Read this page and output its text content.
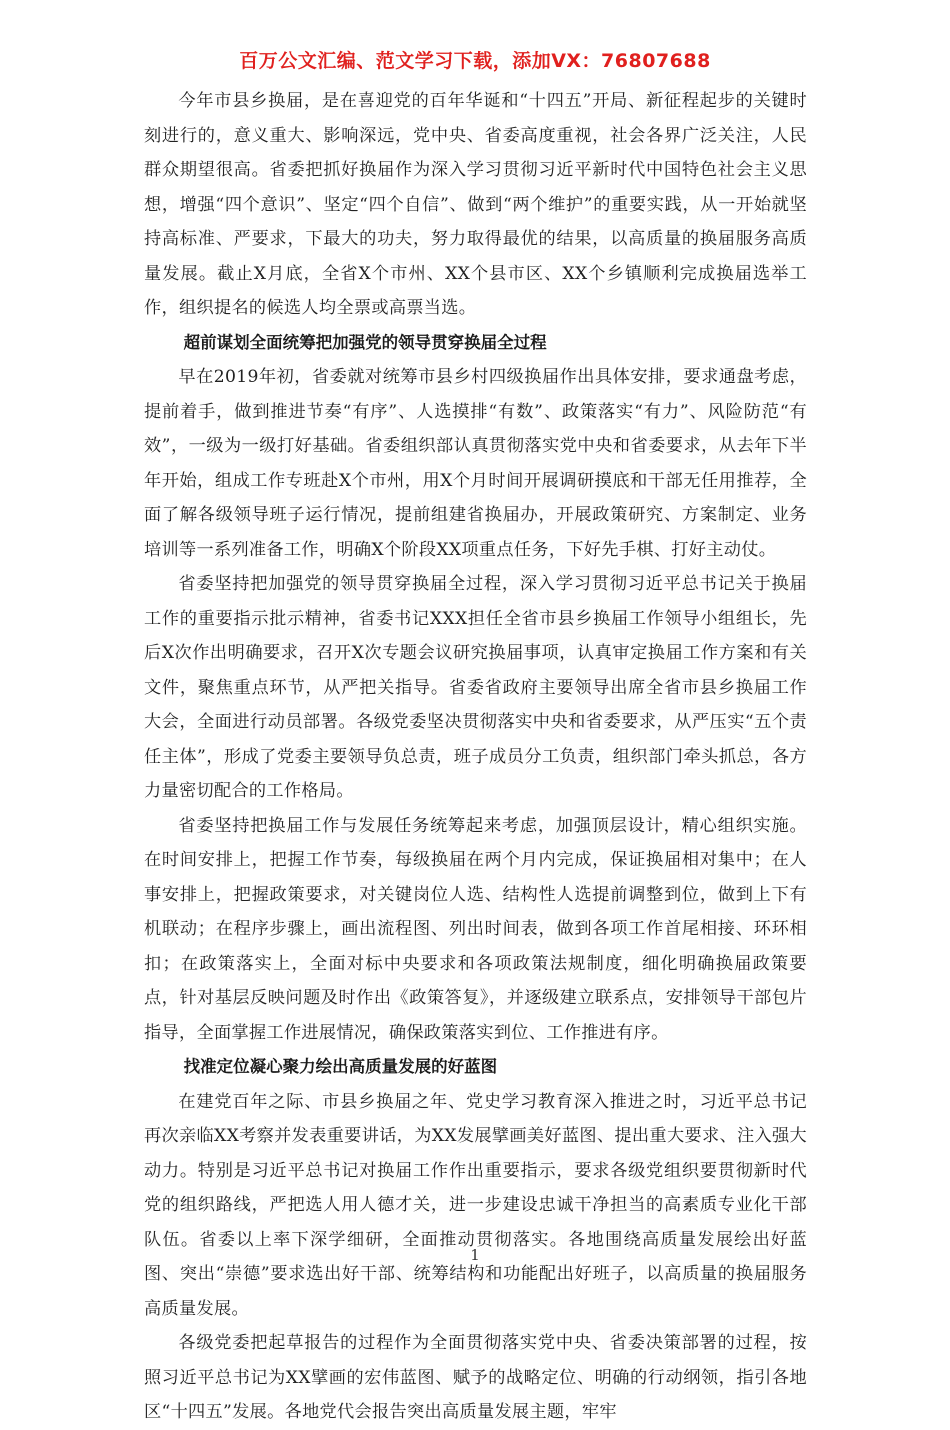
百万公文汇编、范文学习下载，添加VX：76807688

今年市县乡换届，是在喜迎党的百年华诞和“十四五”开局、新征程起步的关键时刻进行的，意义重大、影响深远，党中央、省委高度重视，社会各界广泛关注，人民群众期望很高。省委把抓好换届作为深入学习贯彻习近平新时代中国特色社会主义思想，增强“四个意识”、坚定“四个自信”、做到“两个维护”的重要实践，从一开始就坚持高标准、严要求，下最大的功夫，努力取得最优的结果，以高质量的换届服务高质量发展。截止X月底，全省X个市州、XX个县市区、XX个乡镇顺利完成换届选举工作，组织提名的候选人均全票或高票当选。

超前谋划全面统筹把加强党的领导贯穿换届全过程

早在2019年初，省委就对统筹市县乡村四级换届作出具体安排，要求通盘考虑，提前着手，做到推进节奏“有序”、人选摸排“有数”、政策落实“有力”、风险防范“有效”，一级为一级打好基础。省委组织部认真贯彻落实党中央和省委要求，从去年下半年开始，组成工作专班赴X个市州，用X个月时间开展调研摸底和干部无任用推荐，全面了解各级领导班子运行情况，提前组建省换届办，开展政策研究、方案制定、业务培训等一系列准备工作，明确X个阶段XX项重点任务，下好先手棋、打好主动仗。

省委坚持把加强党的领导贯穿换届全过程，深入学习贯彻习近平总书记关于换届工作的重要指示批示精神，省委书记XXX担任全省市县乡换届工作领导小组组长，先后X次作出明确要求，召开X次专题会议研究换届事项，认真审定换届工作方案和有关文件，聚焦重点环节，从严把关指导。省委省政府主要领导出席全省市县乡换届工作大会，全面进行动员部署。各级党委坚决贯彻落实中央和省委要求，从严压实“五个责任主体”，形成了党委主要领导负总责，班子成员分工负责，组织部门牵头抓总，各方力量密切配合的工作格局。

省委坚持把换届工作与发展任务统筹起来考虑，加强顶层设计，精心组织实施。在时间安排上，把握工作节奏，每级换届在两个月内完成，保证换届相对集中；在人事安排上，把握政策要求，对关键岗位人选、结构性人选提前调整到位，做到上下有机联动；在程序步骤上，画出流程图、列出时间表，做到各项工作首尾相接、环环相扣；在政策落实上，全面对标中央要求和各项政策法规制度，细化明确换届政策要点，针对基层反映问题及时作出《政策答复》，并逐级建立联系点，安排领导干部包片指导，全面掌握工作进展情况，确保政策落实到位、工作推进有序。

找准定位凝心聚力绘出高质量发展的好蓝图

在建党百年之际、市县乡换届之年、党史学习教育深入推进之时，习近平总书记再次亲临XX考察并发表重要讲话，为XX发展擘画美好蓝图、提出重大要求、注入强大动力。特别是习近平总书记对换届工作作出重要指示，要求各级党组织要贯彻新时代党的组织路线，严把选人用人德才关，进一步建设忠诚干净担当的高素质专业化干部队伍。省委以上率下深学细研，全面推动贯彻落实。各地围绕高质量发展绘出好蓝图、突出“崇德”要求选出好干部、统筹结构和功能配出好班子，以高质量的换届服务高质量发展。

各级党委把起草报告的过程作为全面贯彻落实党中央、省委决策部署的过程，按照习近平总书记为XX擘画的宏伟蓝图、赋予的战略定位、明确的行动纲领，指引各地区“十四五”发展。各地党代会报告突出高质量发展主题，牢牢

1
